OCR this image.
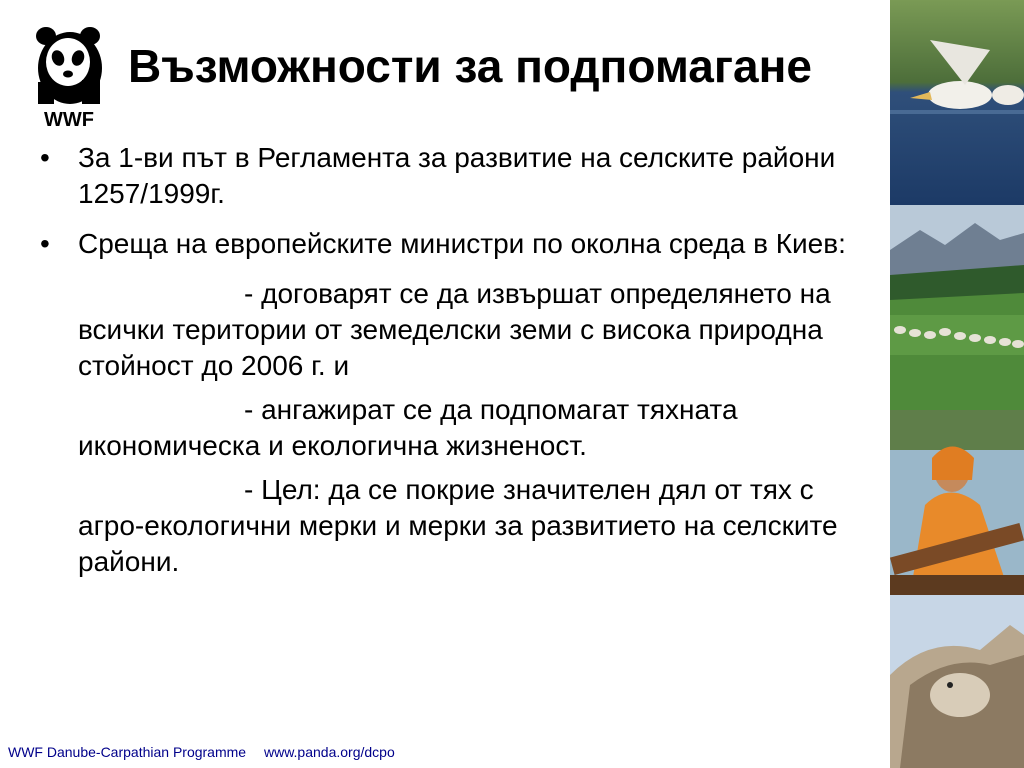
WWF
Възможности за подпомагане
• За 1-ви път в Регламента за развитие на селските райони 1257/1999г.
• Среща на европейските министри по околна среда в Киев:
- договарят се да извършат определянето на всички територии от земеделски земи с висока природна стойност до 2006 г. и
- ангажират се да подпомагат тяхната икономическа и екологична жизненост.
- Цел: да се покрие значителен дял от тях с агро-екологични мерки и мерки за развитието на селските райони.
WWF Danube-Carpathian Programme www.panda.org/dcpo
